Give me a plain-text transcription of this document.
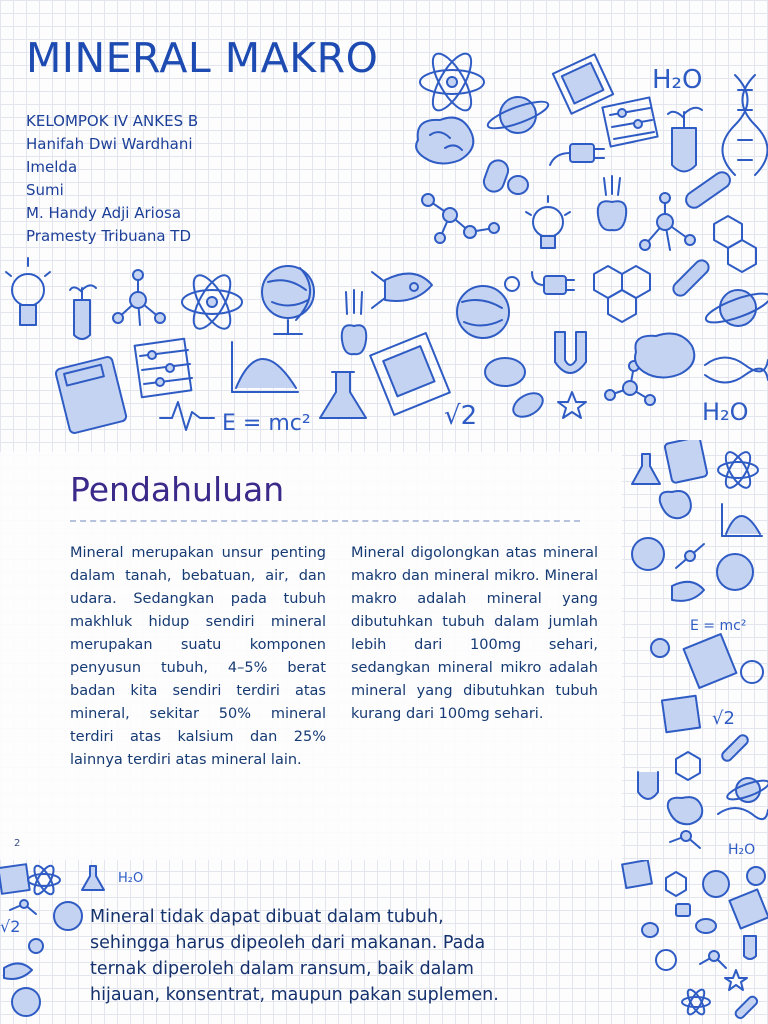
H₂O
E = mc²	√2	H₂O
MINERAL MAKRO
KELOMPOK IV ANKES B
Hanifah Dwi Wardhani
Imelda
Sumi
M. Handy Adji Ariosa
Pramesty Tribuana TD
E = mc²
√2
H₂O
Pendahuluan
Mineral merupakan unsur penting dalam tanah, bebatuan, air, dan udara. Sedangkan pada tubuh makhluk hidup sendiri mineral merupakan suatu komponen penyusun tubuh, 4–5% berat badan kita sendiri terdiri atas mineral, sekitar 50% mineral terdiri atas kalsium dan 25% lainnya terdiri atas mineral lain.
Mineral digolongkan atas mineral makro dan mineral mikro. Mineral makro adalah mineral yang dibutuhkan tubuh dalam jumlah lebih dari 100mg sehari, sedangkan mineral mikro adalah mineral yang dibutuhkan tubuh kurang dari 100mg sehari.
2
H₂O
√2	Mineral tidak dapat dibuat dalam tubuh, sehingga harus dipeoleh dari makanan. Pada ternak diperoleh dalam ransum, baik dalam hijauan, konsentrat, maupun pakan suplemen.
